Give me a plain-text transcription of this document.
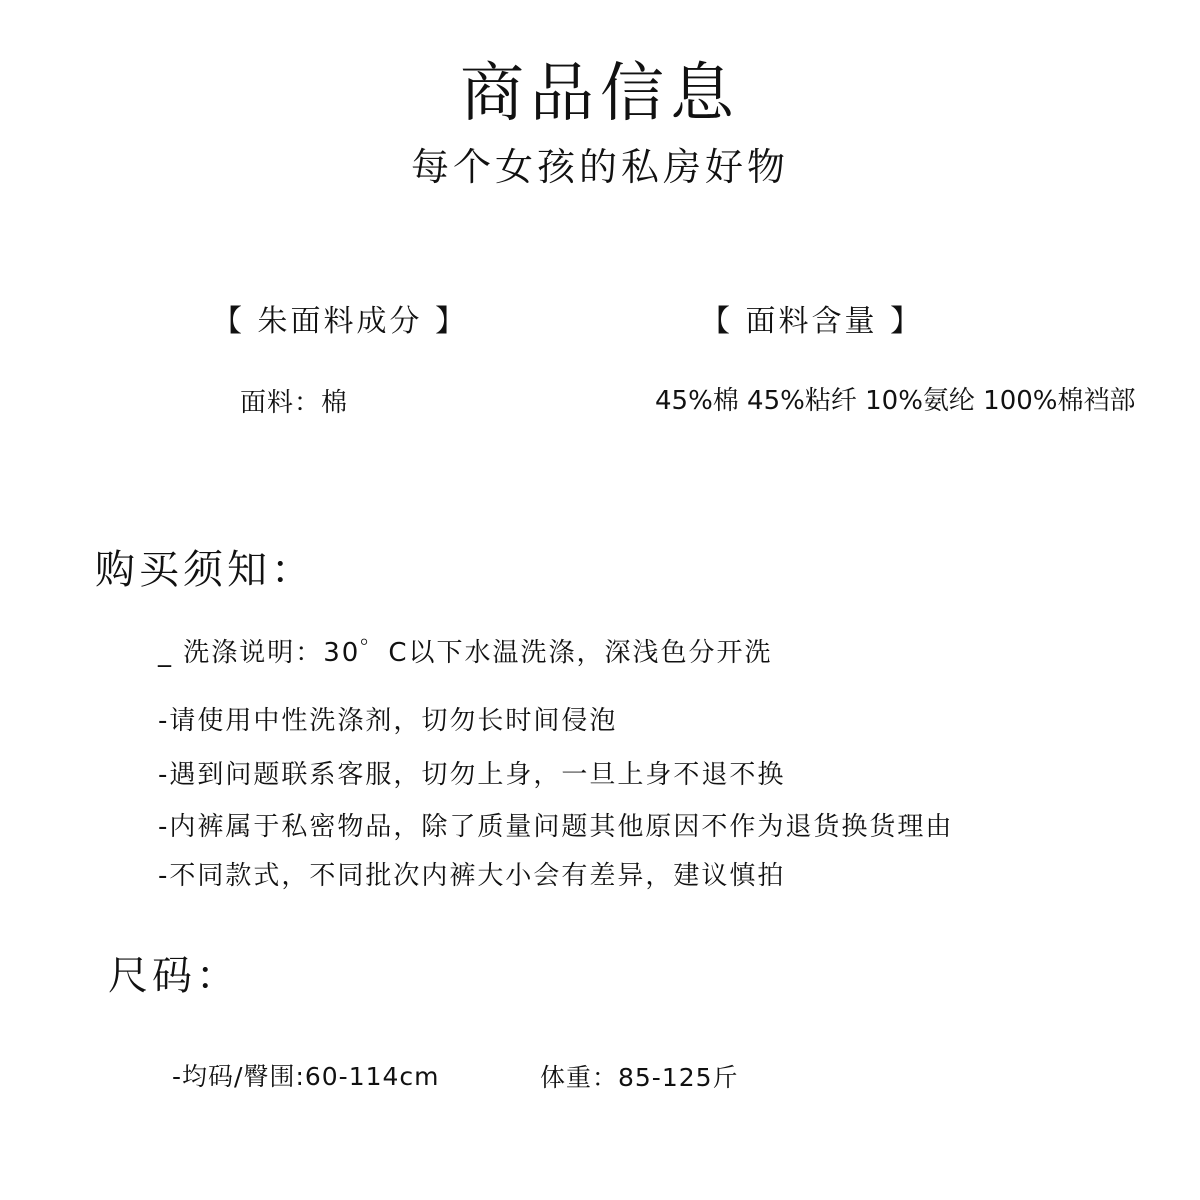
商品信息
每个女孩的私房好物
【 朱面料成分 】	【 面料含量 】
面料：棉	45%棉 45%粘纤 10%氨纶 100%棉裆部
购买须知：
_ 洗涤说明：30゜C以下水温洗涤，深浅色分开洗
-请使用中性洗涤剂，切勿长时间侵泡
-遇到问题联系客服，切勿上身，一旦上身不退不换
-内裤属于私密物品，除了质量问题其他原因不作为退货换货理由
-不同款式，不同批次内裤大小会有差异，建议慎拍
尺码：
-均码/臀围:60-114cm	体重：85-125斤
